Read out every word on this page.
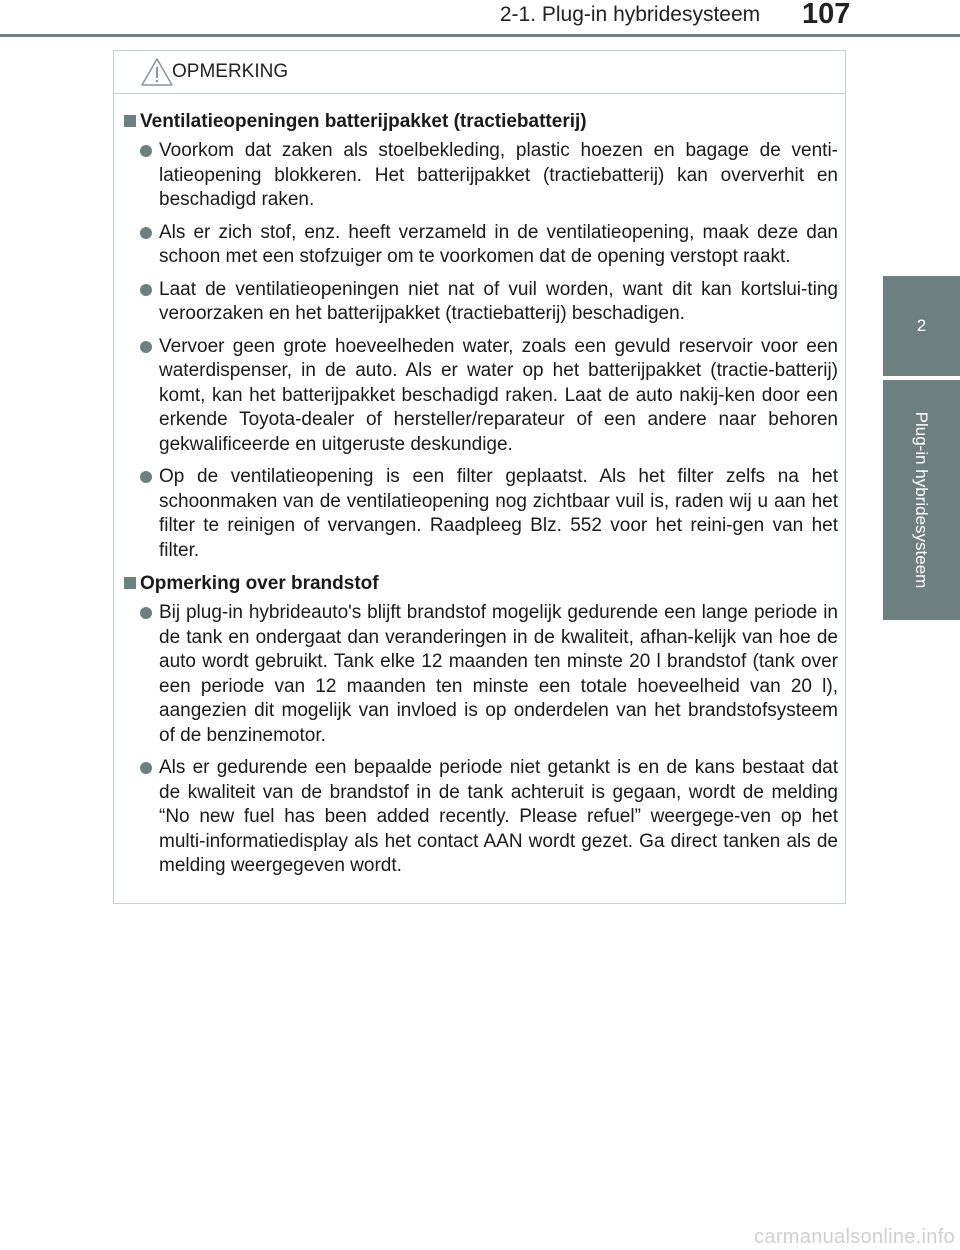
2-1. Plug-in hybridesysteem	107
2
Plug-in hybridesysteem
OPMERKING
Ventilatieopeningen batterijpakket (tractiebatterij)
Voorkom dat zaken als stoelbekleding, plastic hoezen en bagage de venti-latieopening blokkeren. Het batterijpakket (tractiebatterij) kan oververhit en beschadigd raken.
Als er zich stof, enz. heeft verzameld in de ventilatieopening, maak deze dan schoon met een stofzuiger om te voorkomen dat de opening verstopt raakt.
Laat de ventilatieopeningen niet nat of vuil worden, want dit kan kortslui-ting veroorzaken en het batterijpakket (tractiebatterij) beschadigen.
Vervoer geen grote hoeveelheden water, zoals een gevuld reservoir voor een waterdispenser, in de auto. Als er water op het batterijpakket (tractie-batterij) komt, kan het batterijpakket beschadigd raken. Laat de auto nakij-ken door een erkende Toyota-dealer of hersteller/reparateur of een andere naar behoren gekwalificeerde en uitgeruste deskundige.
Op de ventilatieopening is een filter geplaatst. Als het filter zelfs na het schoonmaken van de ventilatieopening nog zichtbaar vuil is, raden wij u aan het filter te reinigen of vervangen. Raadpleeg Blz. 552 voor het reini-gen van het filter.
Opmerking over brandstof
Bij plug-in hybrideauto's blijft brandstof mogelijk gedurende een lange periode in de tank en ondergaat dan veranderingen in de kwaliteit, afhan-kelijk van hoe de auto wordt gebruikt. Tank elke 12 maanden ten minste 20 l brandstof (tank over een periode van 12 maanden ten minste een totale hoeveelheid van 20 l), aangezien dit mogelijk van invloed is op onderdelen van het brandstofsysteem of de benzinemotor.
Als er gedurende een bepaalde periode niet getankt is en de kans bestaat dat de kwaliteit van de brandstof in de tank achteruit is gegaan, wordt de melding “No new fuel has been added recently. Please refuel” weergege-ven op het multi-informatiedisplay als het contact AAN wordt gezet. Ga direct tanken als de melding weergegeven wordt.
carmanualsonline.info
